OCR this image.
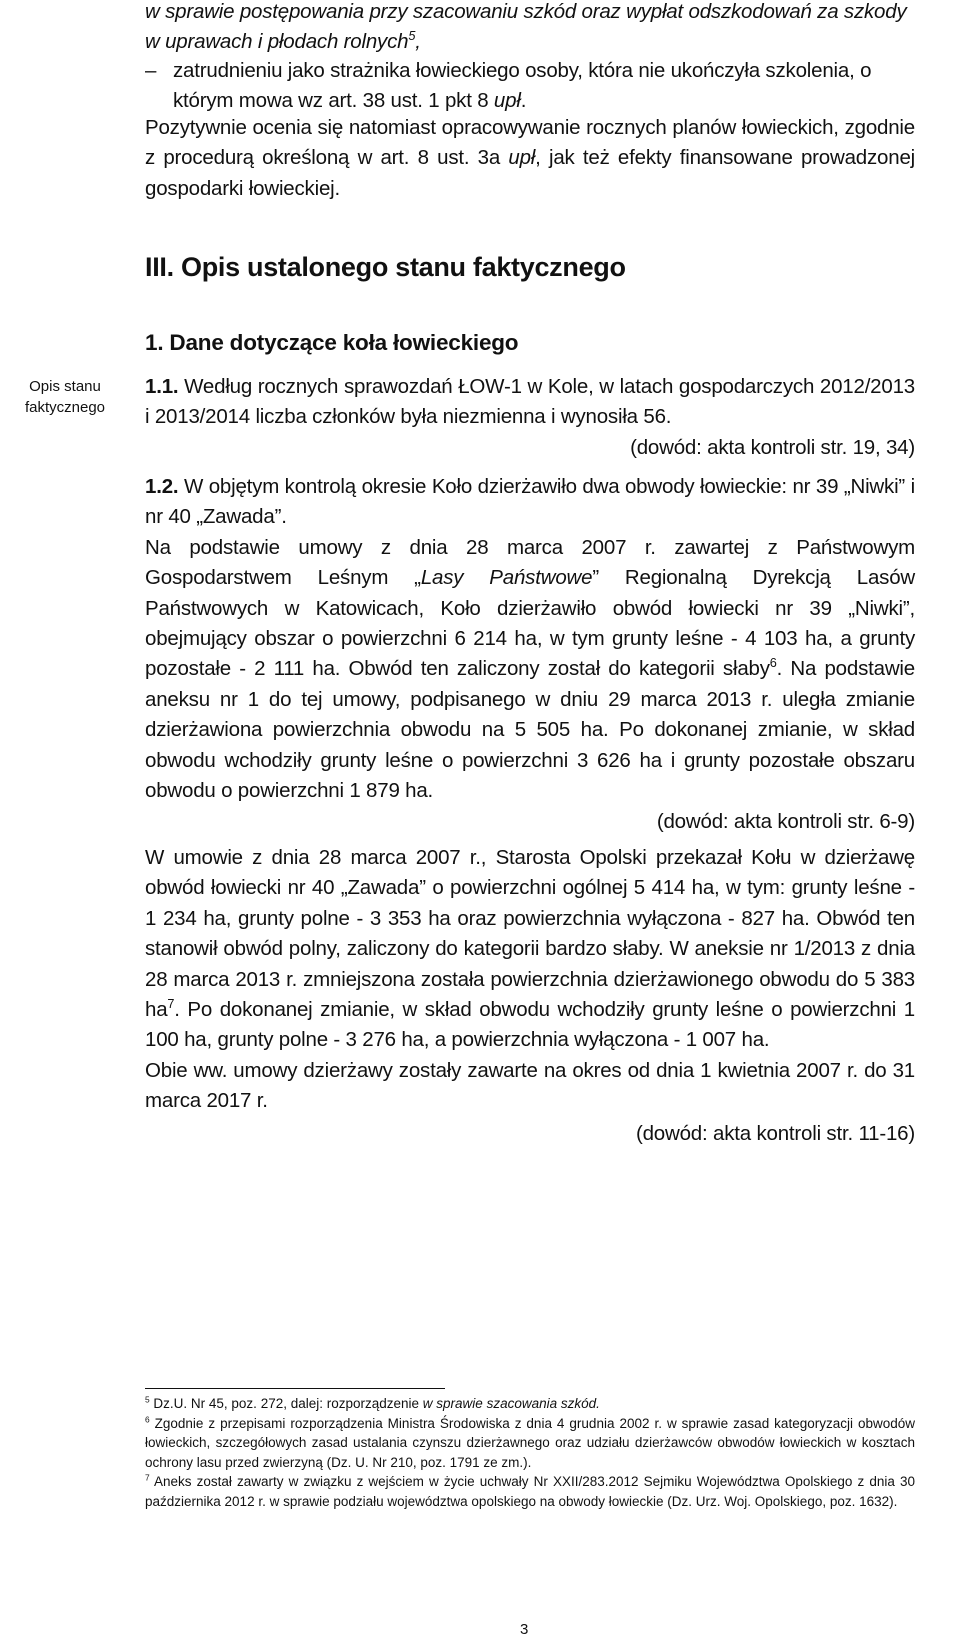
w sprawie postępowania przy szacowaniu szkód oraz wypłat odszkodowań za szkody w uprawach i płodach rolnych$^5$,
– zatrudnieniu jako strażnika łowieckiego osoby, która nie ukończyła szkolenia, o którym mowa wz art. 38 ust. 1 pkt 8 upł.
Pozytywnie ocenia się natomiast opracowywanie rocznych planów łowieckich, zgodnie z procedurą określoną w art. 8 ust. 3a upł, jak też efekty finansowane prowadzonej gospodarki łowieckiej.
III. Opis ustalonego stanu faktycznego
1. Dane dotyczące koła łowieckiego
Opis stanu faktycznego
1.1. Według rocznych sprawozdań ŁOW-1 w Kole, w latach gospodarczych 2012/2013 i 2013/2014 liczba członków była niezmienna i wynosiła 56.
(dowód: akta kontroli str. 19, 34)

1.2. W objętym kontrolą okresie Koło dzierżawiło dwa obwody łowieckie: nr 39 „Niwki” i nr 40 „Zawada”.

Na podstawie umowy z dnia 28 marca 2007 r. zawartej z Państwowym Gospodarstwem Leśnym „Lasy Państwowe” Regionalną Dyrekcją Lasów Państwowych w Katowicach, Koło dzierżawiło obwód łowiecki nr 39 „Niwki”, obejmujący obszar o powierzchni 6 214 ha, w tym grunty leśne - 4 103 ha, a grunty pozostałe - 2 111 ha. Obwód ten zaliczony został do kategorii słaby$^6$. Na podstawie aneksu nr 1 do tej umowy, podpisanego w dniu 29 marca 2013 r. uległa zmianie dzierżawiona powierzchnia obwodu na 5 505 ha. Po dokonanej zmianie, w skład obwodu wchodziły grunty leśne o powierzchni 3 626 ha i grunty pozostałe obszaru obwodu o powierzchni 1 879 ha.

(dowód: akta kontroli str. 6-9)

W umowie z dnia 28 marca 2007 r., Starosta Opolski przekazał Kołu w dzierżawę obwód łowiecki nr 40 „Zawada” o powierzchni ogólnej 5 414 ha, w tym: grunty leśne - 1 234 ha, grunty polne - 3 353 ha oraz powierzchnia wyłączona - 827 ha. Obwód ten stanowił obwód polny, zaliczony do kategorii bardzo słaby. W aneksie nr 1/2013 z dnia 28 marca 2013 r. zmniejszona została powierzchnia dzierżawionego obwodu do 5 383 $ha^7$. Po dokonanej zmianie, w skład obwodu wchodziły grunty leśne o powierzchni 1 100 ha, grunty polne - 3 276 ha, a powierzchnia wyłączona - 1 007 ha.

Obie ww. umowy dzierżawy zostały zawarte na okres od dnia 1 kwietnia 2007 r. do 31 marca 2017 r.

(dowód: akta kontroli str. 11-16)

$^5$ Dz.U. Nr 45, poz. 272, dalej: rozporządzenie w sprawie szacowania szkód.

$^6$ Zgodnie z przepisami rozporządzenia Ministra Środowiska z dnia 4 grudnia 2002 r. w sprawie zasad kategoryzacji obwodów łowieckich, szczegółowych zasad ustalania czynszu dzierżawnego oraz udziału dzierżawców obwodów łowieckich w kosztach ochrony lasu przed zwierzyną (Dz. U. Nr 210, poz. 1791 ze zm.).

$^7$ Aneks został zawarty w związku z wejściem w życie uchwały Nr XXII/283.2012 Sejmiku Województwa Opolskiego z dnia 30 października 2012 r. w sprawie podziału województwa opolskiego na obwody łowieckie (Dz. Urz. Woj. Opolskiego, poz. 1632).

3
